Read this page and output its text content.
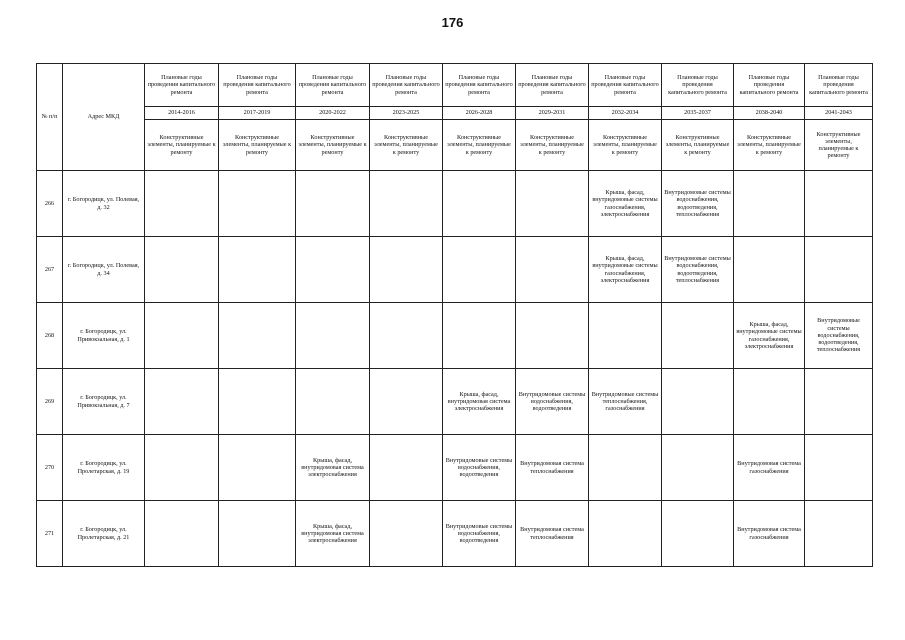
176
№ п/п	Адрес МКД	Плановые годы проведения капитального ремонта	Плановые годы проведения капитального ремонта	Плановые годы проведения капитального ремонта	Плановые годы проведения капитального ремонта	Плановые годы проведения капитального ремонта	Плановые годы проведения капитального ремонта	Плановые годы проведения капитального ремонта	Плановые годы проведения капитального ремонта	Плановые годы проведения капитального ремонта	Плановые годы проведения капитального ремонта
		2014-2016	2017-2019	2020-2022	2023-2025	2026-2028	2029-2031	2032-2034	2035-2037	2038-2040	2041-2043
		Конструктивные элементы, планируемые к ремонту	Конструктивные элементы, планируемые к ремонту	Конструктивные элементы, планируемые к ремонту	Конструктивные элементы, планируемые к ремонту	Конструктивные элементы, планируемые к ремонту	Конструктивные элементы, планируемые к ремонту	Конструктивные элементы, планируемые к ремонту	Конструктивные элементы, планируемые к ремонту	Конструктивные элементы, планируемые к ремонту	Конструктивные элементы, планируемые к ремонту
266	г. Богородицк, ул. Полевая, д. 32							Крыша, фасад, внутридомовые системы газоснабжения, электроснабжения	Внутридомовые системы водоснабжения, водоотведения, теплоснабжения		
267	г. Богородицк, ул. Полевая, д. 34							Крыша, фасад, внутридомовые системы газоснабжения, электроснабжения	Внутридомовые системы водоснабжения, водоотведения, теплоснабжения		
268	г. Богородицк, ул. Привокзальная, д. 1									Крыша, фасад, внутридомовые системы газоснабжения, электроснабжения	Внутридомовые системы водоснабжения, водоотведения, теплоснабжения
269	г. Богородицк, ул. Привокзальная, д. 7					Крыша, фасад, внутридомовая система электроснабжения	Внутридомовые системы водоснабжения, водоотведения	Внутридомовые системы теплоснабжения, газоснабжения			
270	г. Богородицк, ул. Пролетарская, д. 19			Крыша, фасад, внутридомовая система электроснабжения		Внутридомовые системы водоснабжения, водоотведения	Внутридомовая система теплоснабжения			Внутридомовая система газоснабжения	
271	г. Богородицк, ул. Пролетарская, д. 21			Крыша, фасад, внутридомовая система электроснабжения		Внутридомовые системы водоснабжения, водоотведения	Внутридомовая система теплоснабжения			Внутридомовая система газоснабжения	
